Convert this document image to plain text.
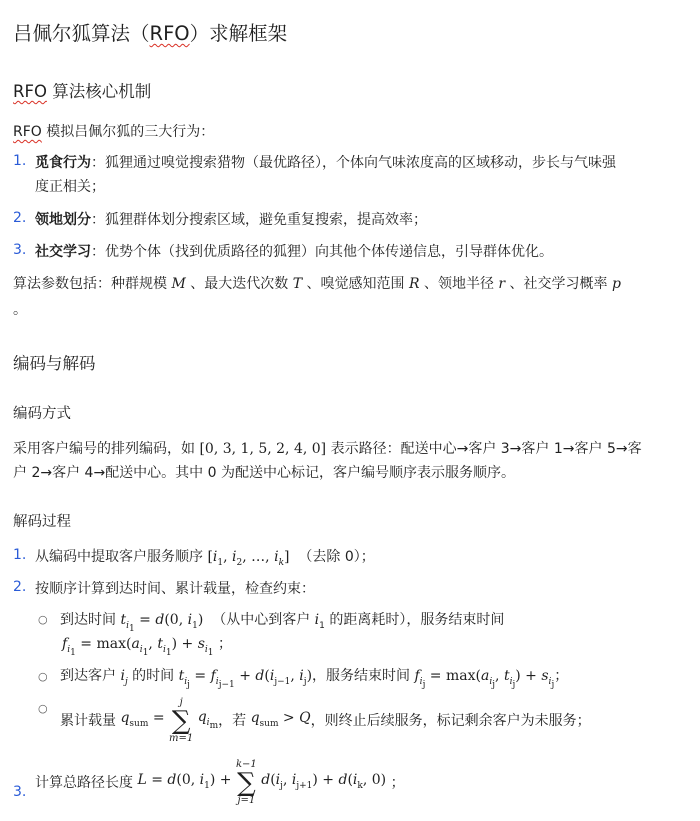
吕佩尔狐算法（RFO）求解框架
RFO 算法核心机制
RFO 模拟吕佩尔狐的三大行为：
1. 觅食行为：狐狸通过嗅觉搜索猎物（最优路径），个体向气味浓度高的区域移动，步长与气味强
度正相关；
2. 领地划分：狐狸群体划分搜索区域，避免重复搜索，提高效率；
3. 社交学习：优势个体（找到优质路径的狐狸）向其他个体传递信息，引导群体优化。
算法参数包括：种群规模 M 、最大迭代次数 T 、嗅觉感知范围 R 、领地半径 r 、社交学习概率 p
。
编码与解码
编码方式
采用客户编号的排列编码，如 [0, 3, 1, 5, 2, 4, 0] 表示路径：配送中心→客户 3→客户 1→客户 5→客
户 2→客户 4→配送中心。其中 0 为配送中心标记，客户编号顺序表示服务顺序。
解码过程
1. 从编码中提取客户服务顺序 [$i_1$, $i_2$, …, $i_k$] （去除 0）；
2. 按顺序计算到达时间、累计载量，检查约束：
○ 到达时间 $t_{i_1} = d(0$, $i_1$) （从中心到客户 $i_1$ 的距离耗时），服务结束时间
$f_{i_1} = \max(a_{i_1}$, $t_{i_1}) + s_{i_1}$ ；
○ 到达客户 $i_j$ 的时间 $t_{i_j} = f_{i_{j-1}} + d(i_{j-1}$, $i_j$)，服务结束时间 $f_{i_j} = \max(a_{i_j}$, $t_{i_j}) + s_{i_j}$；
○
累计载量 $q_{sum}$ =
j
∑
m=1
$q_{i_m}$，若 $q_{sum} > Q$，则终止后续服务，标记剩余客户为未服务；
3.
计算总路径长度 L = d(0, $i_1$) +
k−1
∑
j=1
$d(i_j$, $i_{j+1}) + d(i_k$, 0) ；
